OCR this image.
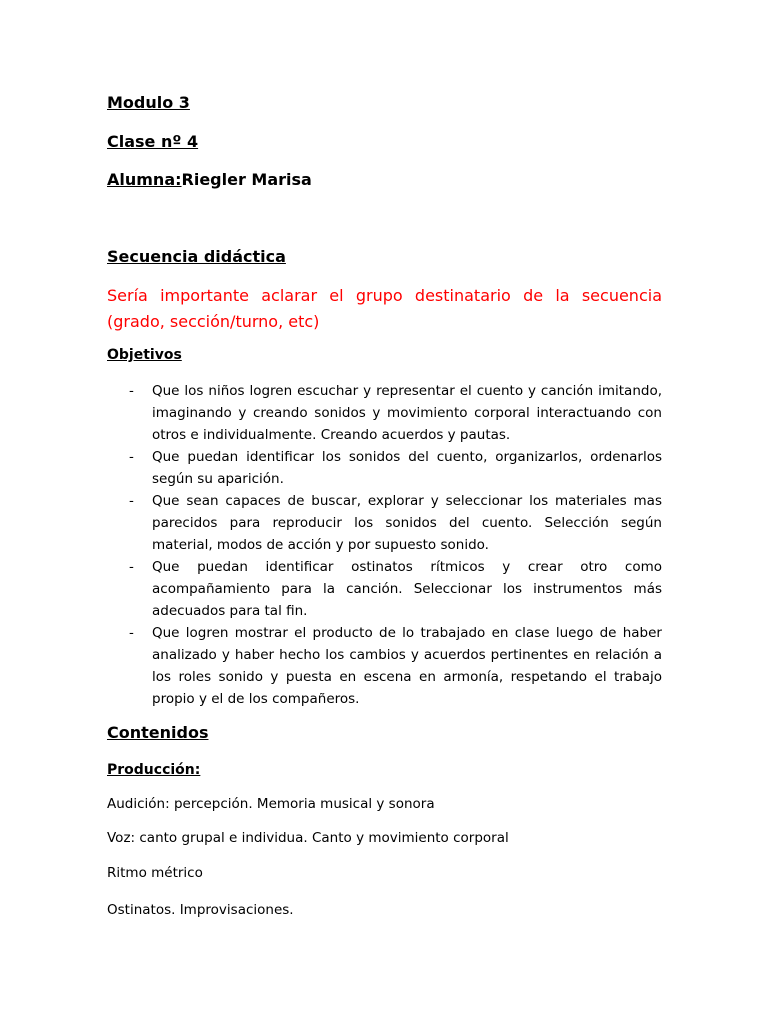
Modulo 3
Clase nº 4
Alumna:Riegler Marisa
Secuencia didáctica
Sería importante aclarar el grupo destinatario de la secuencia (grado, sección/turno, etc)
Objetivos
- Que los niños logren escuchar y representar el cuento y canción imitando, imaginando y creando sonidos y movimiento corporal interactuando con otros e individualmente. Creando acuerdos y pautas.
- Que puedan identificar los sonidos del cuento, organizarlos, ordenarlos según su aparición.
- Que sean capaces de buscar, explorar y seleccionar los materiales mas parecidos para reproducir los sonidos del cuento. Selección según material, modos de acción y por supuesto sonido.
- Que puedan identificar ostinatos rítmicos y crear otro como acompañamiento para la canción. Seleccionar los instrumentos más adecuados para tal fin.
- Que logren mostrar el producto de lo trabajado en clase luego de haber analizado y haber hecho los cambios y acuerdos pertinentes en relación a los roles sonido y puesta en escena en armonía, respetando el trabajo propio y el de los compañeros.
Contenidos
Producción:
Audición: percepción. Memoria musical y sonora
Voz: canto grupal e individua. Canto y movimiento corporal
Ritmo métrico
Ostinatos. Improvisaciones.
